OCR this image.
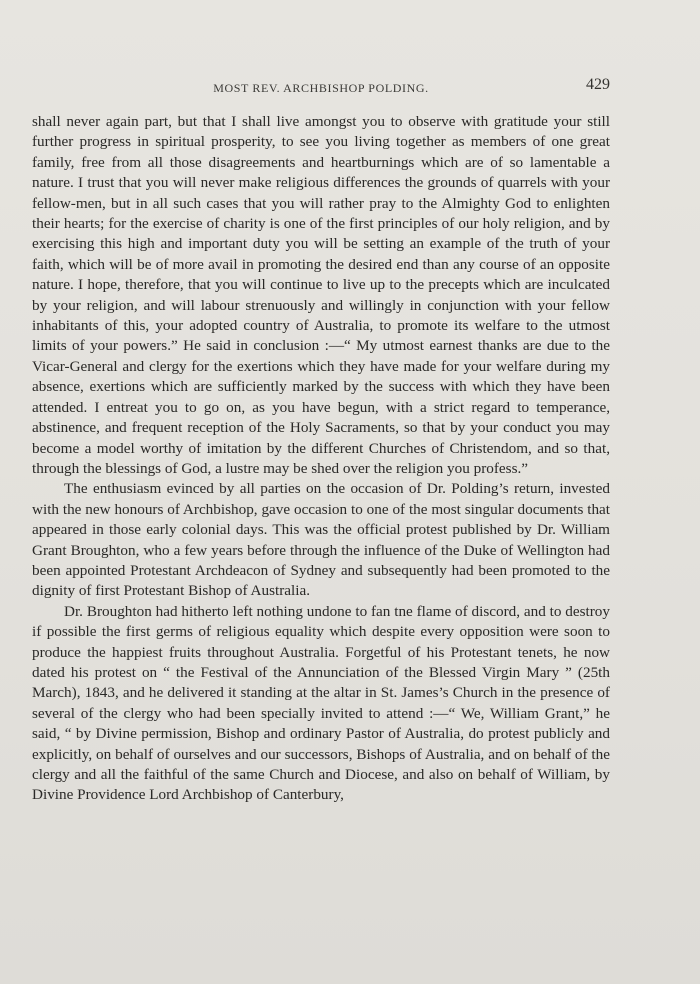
MOST REV. ARCHBISHOP POLDING.	429

shall never again part, but that I shall live amongst you to observe with gratitude your still further progress in spiritual prosperity, to see you living together as members of one great family, free from all those disagreements and heartburnings which are of so lamentable a nature. I trust that you will never make religious differences the grounds of quarrels with your fellow-men, but in all such cases that you will rather pray to the Almighty God to enlighten their hearts; for the exercise of charity is one of the first principles of our holy religion, and by exercising this high and important duty you will be setting an example of the truth of your faith, which will be of more avail in promoting the desired end than any course of an opposite nature. I hope, therefore, that you will continue to live up to the precepts which are inculcated by your religion, and will labour strenuously and willingly in conjunction with your fellow inhabitants of this, your adopted country of Australia, to promote its welfare to the utmost limits of your powers.” He said in conclusion :—“ My utmost earnest thanks are due to the Vicar-General and clergy for the exertions which they have made for your welfare during my absence, exertions which are sufficiently marked by the success with which they have been attended. I entreat you to go on, as you have begun, with a strict regard to temperance, abstinence, and frequent reception of the Holy Sacraments, so that by your conduct you may become a model worthy of imitation by the different Churches of Christendom, and so that, through the blessings of God, a lustre may be shed over the religion you profess.”

The enthusiasm evinced by all parties on the occasion of Dr. Polding’s return, invested with the new honours of Archbishop, gave occasion to one of the most singular documents that appeared in those early colonial days. This was the official protest published by Dr. William Grant Broughton, who a few years before through the influence of the Duke of Wellington had been appointed Protestant Archdeacon of Sydney and subsequently had been promoted to the dignity of first Protestant Bishop of Australia.

Dr. Broughton had hitherto left nothing undone to fan tne flame of discord, and to destroy if possible the first germs of religious equality which despite every opposition were soon to produce the happiest fruits throughout Australia. Forgetful of his Protestant tenets, he now dated his protest on “ the Festival of the Annunciation of the Blessed Virgin Mary ” (25th March), 1843, and he delivered it standing at the altar in St. James’s Church in the presence of several of the clergy who had been specially invited to attend :—“ We, William Grant,” he said, “ by Divine permission, Bishop and ordinary Pastor of Australia, do protest publicly and explicitly, on behalf of ourselves and our successors, Bishops of Australia, and on behalf of the clergy and all the faithful of the same Church and Diocese, and also on behalf of William, by Divine Providence Lord Archbishop of Canterbury,
